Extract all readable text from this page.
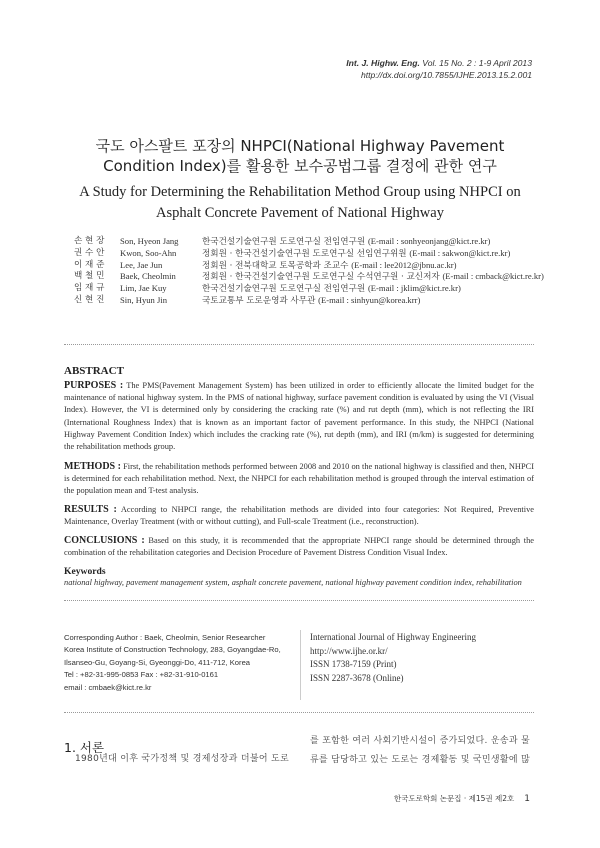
Int. J. Highw. Eng. Vol. 15 No. 2 : 1-9 April 2013
http://dx.doi.org/10.7855/IJHE.2013.15.2.001
국도 아스팔트 포장의 NHPCI(National Highway Pavement
Condition Index)를 활용한 보수공법그룹 결정에 관한 연구
A Study for Determining the Rehabilitation Method Group using NHPCI on
Asphalt Concrete Pavement of National Highway
손 현 장	Son, Hyeon Jang	한국건설기술연구원 도로연구실 전임연구원 (E-mail : sonhyeonjang@kict.re.kr)
권 수 안	Kwon, Soo-Ahn	정회원 · 한국건설기술연구원 도로연구실 선임연구위원 (E-mail : sakwon@kict.re.kr)
이 재 준	Lee, Jae Jun	정회원 · 전북대학교 토목공학과 조교수 (E-mail : lee2012@jbnu.ac.kr)
백 철 민	Baek, Cheolmin	정회원 · 한국건설기술연구원 도로연구실 수석연구원 · 교신저자 (E-mail : cmback@kict.re.kr)
임 재 규	Lim, Jae Kuy	한국건설기술연구원 도로연구실 전임연구원 (E-mail : jklim@kict.re.kr)
신 현 진	Sin, Hyun Jin	국토교통부 도로운영과 사무관 (E-mail : sinhyun@korea.krr)
ABSTRACT
PURPOSES : The PMS(Pavement Management System) has been utilized in order to efficiently allocate the limited budget for the maintenance of national highway system. In the PMS of national highway, surface pavement condition is evaluated by using the VI (Visual Index). However, the VI is determined only by considering the cracking rate (%) and rut depth (mm), which is not reflecting the IRI (International Roughness Index) that is known as an important factor of pavement performance. In this study, the NHPCI (National Highway Pavement Condition Index) which includes the cracking rate (%), rut depth (mm), and IRI (m/km) is suggested for determining the rehabilitation methods group.
METHODS : First, the rehabilitation methods performed between 2008 and 2010 on the national highway is classified and then, NHPCI is determined for each rehabilitation method. Next, the NHPCI for each rehabilitation method is grouped through the interval estimation of the population mean and T-test analysis.
RESULTS : According to NHPCI range, the rehabilitation methods are divided into four categories: Not Required, Preventive Maintenance, Overlay Treatment (with or without cutting), and Full-scale Treatment (i.e., reconstruction).
CONCLUSIONS : Based on this study, it is recommended that the appropriate NHPCI range should be determined through the combination of the rehabilitation categories and Decision Procedure of Pavement Distress Condition Visual Index.
Keywords
national highway, pavement management system, asphalt concrete pavement, national highway pavement condition index, rehabilitation
Corresponding Author : Baek, Cheolmin, Senior Researcher
Korea Institute of Construction Technology, 283, Goyangdae-Ro,
Ilsanseo-Gu, Goyang-Si, Gyeonggi-Do, 411-712, Korea
Tel : +82-31-995-0853 Fax : +82-31-910-0161
email : cmbaek@kict.re.kr
International Journal of Highway Engineering
http://www.ijhe.or.kr/
ISSN 1738-7159 (Print)
ISSN 2287-3678 (Online)
1. 서론
1980년대 이후 국가정책 및 경제성장과 더불어 도로
를 포함한 여러 사회기반시설이 증가되었다. 운송과 물
류를 담당하고 있는 도로는 경제활동 및 국민생활에 많
한국도로학회 논문집 · 제15권 제2호 1
